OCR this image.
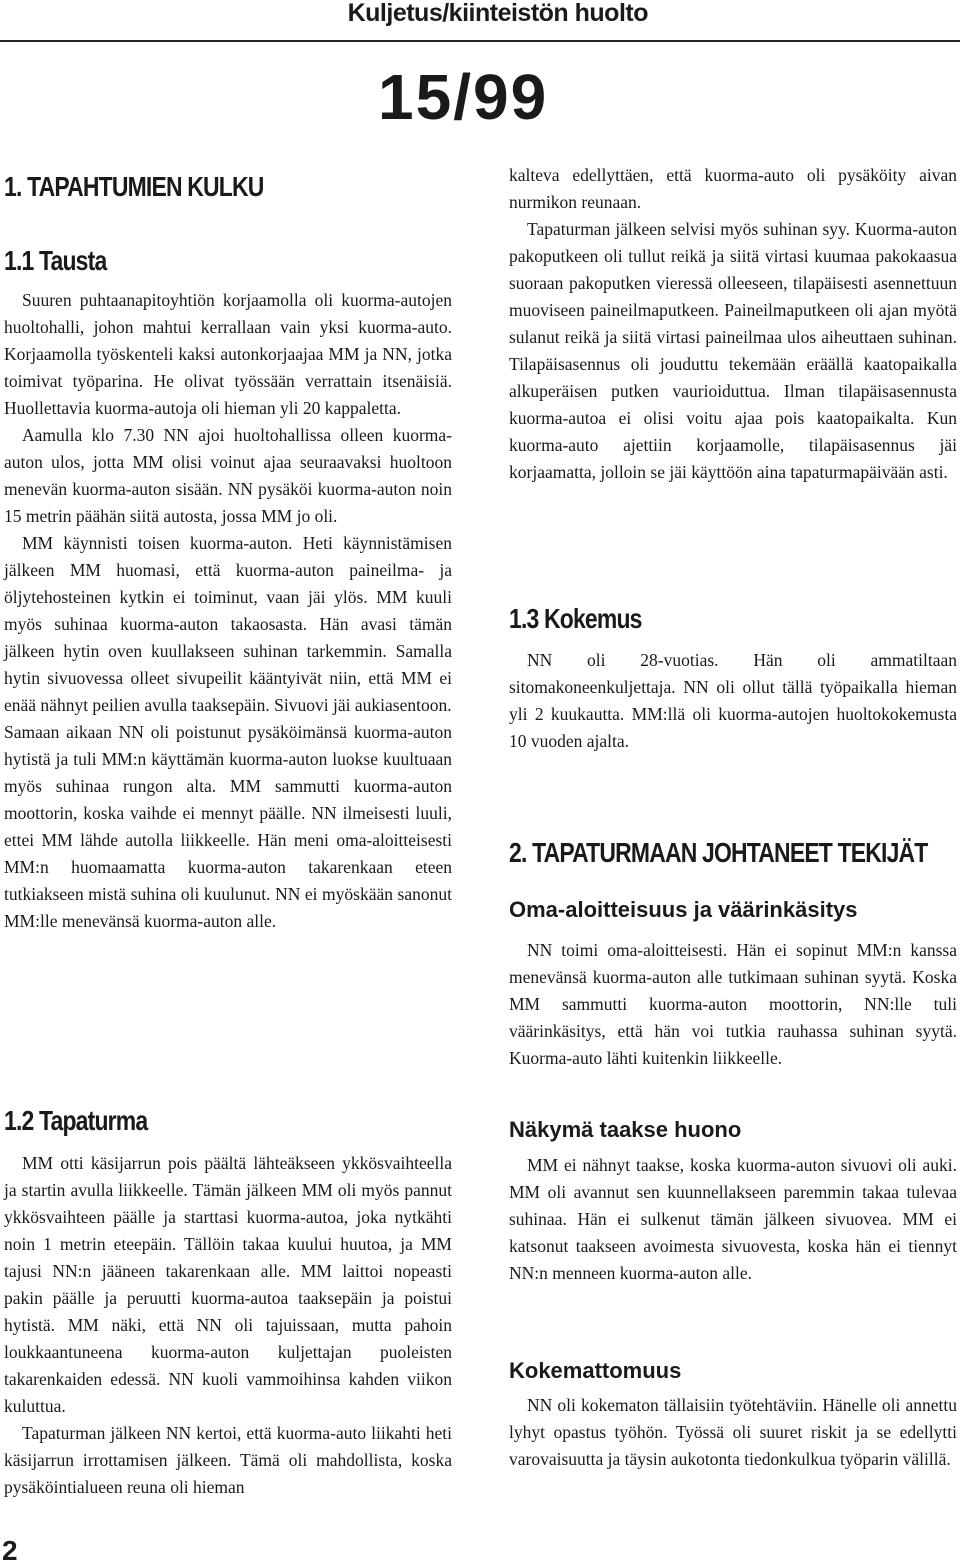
Kuljetus/kiinteistön huolto
15/99
1. TAPAHTUMIEN KULKU
1.1 Tausta

Suuren puhtaanapitoyhtiön korjaamolla oli kuorma-autojen huoltohalli, johon mahtui kerrallaan vain yksi kuorma-auto. Korjaamolla työskenteli kaksi autonkorjaajaa MM ja NN, jotka toimivat työparina. He olivat työssään verrattain itsenäisiä. Huollettavia kuorma-autoja oli hieman yli 20 kappaletta.

Aamulla klo 7.30 NN ajoi huoltohallissa olleen kuorma-auton ulos, jotta MM olisi voinut ajaa seuraavaksi huoltoon menevän kuorma-auton sisään. NN pysäköi kuorma-auton noin 15 metrin päähän siitä autosta, jossa MM jo oli.

MM käynnisti toisen kuorma-auton. Heti käynnistämisen jälkeen MM huomasi, että kuorma-auton paineilma- ja öljytehosteinen kytkin ei toiminut, vaan jäi ylös. MM kuuli myös suhinaa kuorma-auton takaosasta. Hän avasi tämän jälkeen hytin oven kuullakseen suhinan tarkemmin. Samalla hytin sivuovessa olleet sivupeilit kääntyivät niin, että MM ei enää nähnyt peilien avulla taaksepäin. Sivuovi jäi aukiasentoon.

Samaan aikaan NN oli poistunut pysäköimänsä kuorma-auton hytistä ja tuli MM:n käyttämän kuorma-auton luokse kuultuaan myös suhinaa rungon alta. MM sammutti kuorma-auton moottorin, koska vaihde ei mennyt päälle. NN ilmeisesti luuli, ettei MM lähde autolla liikkeelle. Hän meni oma-aloitteisesti MM:n huomaamatta kuorma-auton takarenkaan eteen tutkiakseen mistä suhina oli kuulunut. NN ei myöskään sanonut MM:lle menevänsä kuorma-auton alle.

1.2 Tapaturma

MM otti käsijarrun pois päältä lähteäkseen ykkösvaihteella ja startin avulla liikkeelle. Tämän jälkeen MM oli myös pannut ykkösvaihteen päälle ja starttasi kuorma-autoa, joka nytkähti noin 1 metrin eteepäin. Tällöin takaa kuului huutoa, ja MM tajusi NN:n jääneen takarenkaan alle. MM laittoi nopeasti pakin päälle ja peruutti kuorma-autoa taaksepäin ja poistui hytistä. MM näki, että NN oli tajuissaan, mutta pahoin loukkaantuneena kuorma-auton kuljettajan puoleisten takarenkaiden edessä. NN kuoli vammoihinsa kahden viikon kuluttua.

Tapaturman jälkeen NN kertoi, että kuorma-auto liikahti heti käsijarrun irrottamisen jälkeen. Tämä oli mahdollista, koska pysäköintialueen reuna oli hieman

kalteva edellyttäen, että kuorma-auto oli pysäköity aivan nurmikon reunaan.

Tapaturman jälkeen selvisi myös suhinan syy. Kuorma-auton pakoputkeen oli tullut reikä ja siitä virtasi kuumaa pakokaasua suoraan pakoputken vieressä olleeseen, tilapäisesti asennettuun muoviseen paineilmaputkeen. Paineilmaputkeen oli ajan myötä sulanut reikä ja siitä virtasi paineilmaa ulos aiheuttaen suhinan. Tilapäisasennus oli jouduttu tekemään eräällä kaatopaikalla alkuperäisen putken vaurioiduttua. Ilman tilapäisasennusta kuorma-autoa ei olisi voitu ajaa pois kaatopaikalta. Kun kuorma-auto ajettiin korjaamolle, tilapäisasennus jäi korjaamatta, jolloin se jäi käyttöön aina tapaturmapäivään asti.

1.3 Kokemus

NN oli 28-vuotias. Hän oli ammatiltaan sitomakoneenkuljettaja. NN oli ollut tällä työpaikalla hieman yli 2 kuukautta. MM:llä oli kuorma-autojen huoltokokemusta 10 vuoden ajalta.

2. TAPATURMAAN JOHTANEET TEKIJÄT
Oma-aloitteisuus ja väärinkäsitys

NN toimi oma-aloitteisesti. Hän ei sopinut MM:n kanssa menevänsä kuorma-auton alle tutkimaan suhinan syytä. Koska MM sammutti kuorma-auton moottorin, NN:lle tuli väärinkäsitys, että hän voi tutkia rauhassa suhinan syytä. Kuorma-auto lähti kuitenkin liikkeelle.

Näkymä taakse huono

MM ei nähnyt taakse, koska kuorma-auton sivuovi oli auki. MM oli avannut sen kuunnellakseen paremmin takaa tulevaa suhinaa. Hän ei sulkenut tämän jälkeen sivuovea. MM ei katsonut taakseen avoimesta sivuovesta, koska hän ei tiennyt NN:n menneen kuorma-auton alle.

Kokemattomuus

NN oli kokematon tällaisiin työtehtäviin. Hänelle oli annettu lyhyt opastus työhön. Työssä oli suuret riskit ja se edellytti varovaisuutta ja täysin aukotonta tiedonkulkua työparin välillä.

2
